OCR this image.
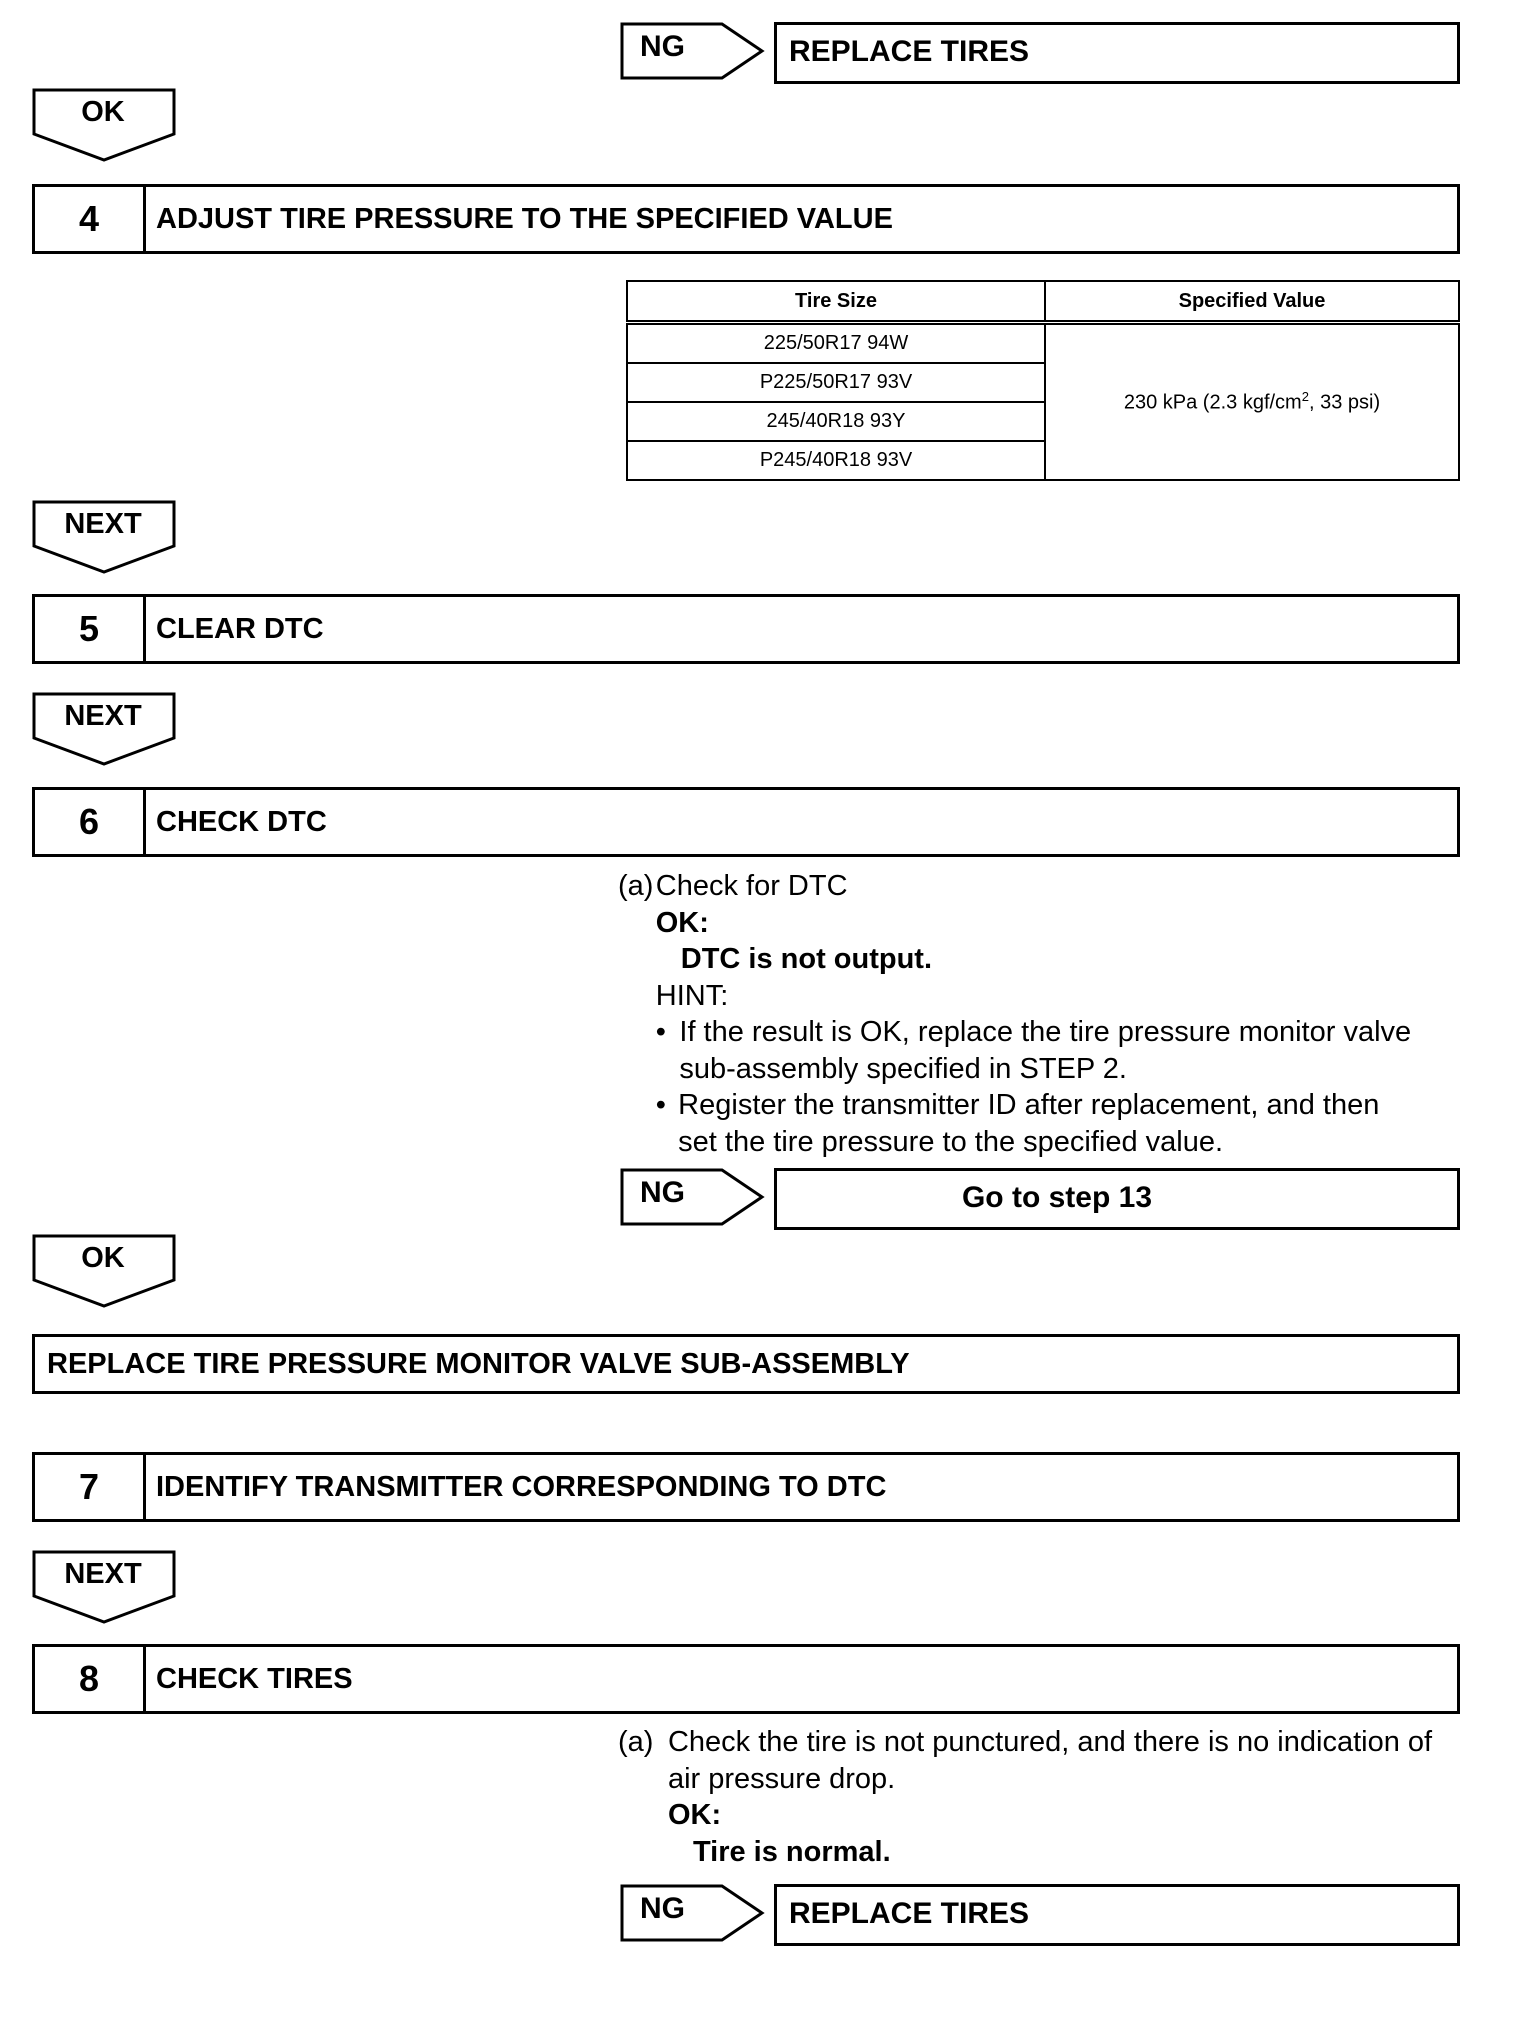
NG	REPLACE TIRES
OK
4	ADJUST TIRE PRESSURE TO THE SPECIFIED VALUE
Tire Size	Specified Value
225/50R17 94W	230 kPa (2.3 kgf/$cm^2$, 33 psi)
P225/50R17 93V	
245/40R18 93Y	
P245/40R18 93V	
NEXT
5	CLEAR DTC
NEXT
6	CHECK DTC
(a) Check for DTC
OK:
DTC is not output.
HINT:
• If the result is OK, replace the tire pressure monitor valve sub-assembly specified in STEP 2.
• Register the transmitter ID after replacement, and then set the tire pressure to the specified value.
NG	Go to step 13
OK
REPLACE TIRE PRESSURE MONITOR VALVE SUB-ASSEMBLY
7	IDENTIFY TRANSMITTER CORRESPONDING TO DTC
NEXT
8	CHECK TIRES
(a) Check the tire is not punctured, and there is no indication of air pressure drop.
OK:
Tire is normal.
NG	REPLACE TIRES
